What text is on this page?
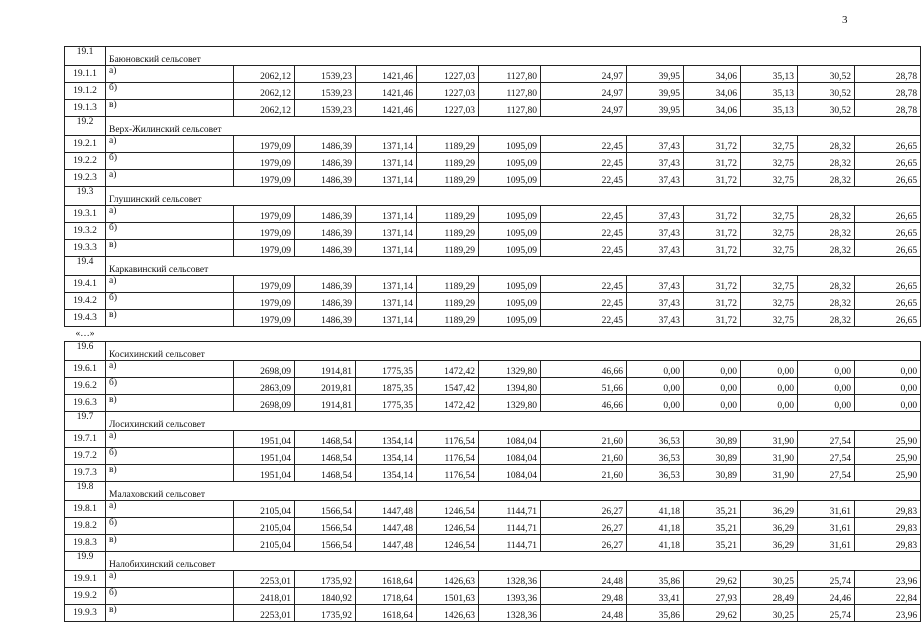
3
19.1	Баюновский сельсовет											
19.1.1	а)	2062,12	1539,23	1421,46	1227,03	1127,80	24,97	39,95	34,06	35,13	30,52	28,78
19.1.2	б)	2062,12	1539,23	1421,46	1227,03	1127,80	24,97	39,95	34,06	35,13	30,52	28,78
19.1.3	в)	2062,12	1539,23	1421,46	1227,03	1127,80	24,97	39,95	34,06	35,13	30,52	28,78
19.2	Верх-Жилинский сельсовет											
19.2.1	а)	1979,09	1486,39	1371,14	1189,29	1095,09	22,45	37,43	31,72	32,75	28,32	26,65
19.2.2	б)	1979,09	1486,39	1371,14	1189,29	1095,09	22,45	37,43	31,72	32,75	28,32	26,65
19.2.3	а)	1979,09	1486,39	1371,14	1189,29	1095,09	22,45	37,43	31,72	32,75	28,32	26,65
19.3	Глушинский сельсовет											
19.3.1	а)	1979,09	1486,39	1371,14	1189,29	1095,09	22,45	37,43	31,72	32,75	28,32	26,65
19.3.2	б)	1979,09	1486,39	1371,14	1189,29	1095,09	22,45	37,43	31,72	32,75	28,32	26,65
19.3.3	в)	1979,09	1486,39	1371,14	1189,29	1095,09	22,45	37,43	31,72	32,75	28,32	26,65
19.4	Каркавинский сельсовет											
19.4.1	а)	1979,09	1486,39	1371,14	1189,29	1095,09	22,45	37,43	31,72	32,75	28,32	26,65
19.4.2	б)	1979,09	1486,39	1371,14	1189,29	1095,09	22,45	37,43	31,72	32,75	28,32	26,65
19.4.3	в)	1979,09	1486,39	1371,14	1189,29	1095,09	22,45	37,43	31,72	32,75	28,32	26,65
«…»												
19.6	Косихинский сельсовет											
19.6.1	а)	2698,09	1914,81	1775,35	1472,42	1329,80	46,66	0,00	0,00	0,00	0,00	0,00
19.6.2	б)	2863,09	2019,81	1875,35	1547,42	1394,80	51,66	0,00	0,00	0,00	0,00	0,00
19.6.3	в)	2698,09	1914,81	1775,35	1472,42	1329,80	46,66	0,00	0,00	0,00	0,00	0,00
19.7	Лосихинский сельсовет											
19.7.1	а)	1951,04	1468,54	1354,14	1176,54	1084,04	21,60	36,53	30,89	31,90	27,54	25,90
19.7.2	б)	1951,04	1468,54	1354,14	1176,54	1084,04	21,60	36,53	30,89	31,90	27,54	25,90
19.7.3	в)	1951,04	1468,54	1354,14	1176,54	1084,04	21,60	36,53	30,89	31,90	27,54	25,90
19.8	Малаховский сельсовет											
19.8.1	а)	2105,04	1566,54	1447,48	1246,54	1144,71	26,27	41,18	35,21	36,29	31,61	29,83
19.8.2	б)	2105,04	1566,54	1447,48	1246,54	1144,71	26,27	41,18	35,21	36,29	31,61	29,83
19.8.3	в)	2105,04	1566,54	1447,48	1246,54	1144,71	26,27	41,18	35,21	36,29	31,61	29,83
19.9	Налобихинский сельсовет											
19.9.1	а)	2253,01	1735,92	1618,64	1426,63	1328,36	24,48	35,86	29,62	30,25	25,74	23,96
19.9.2	б)	2418,01	1840,92	1718,64	1501,63	1393,36	29,48	33,41	27,93	28,49	24,46	22,84
19.9.3	в)	2253,01	1735,92	1618,64	1426,63	1328,36	24,48	35,86	29,62	30,25	25,74	23,96
